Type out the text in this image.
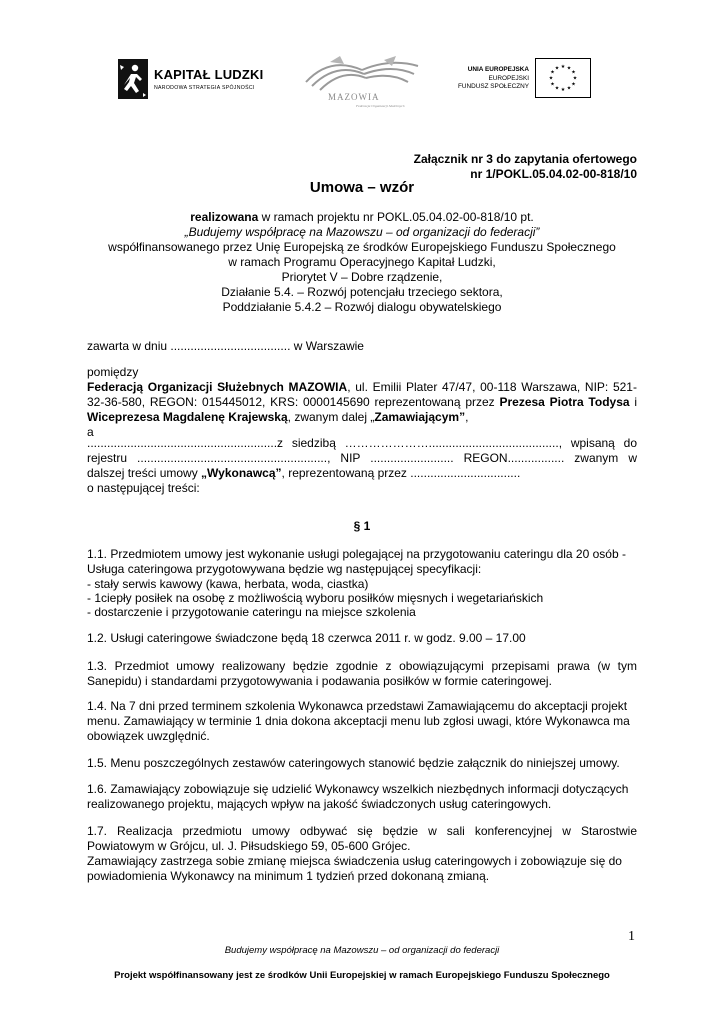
KAPITAŁ LUDZKI
NARODOWA STRATEGIA SPÓJNOŚCI
MAZOWIA
Federacja Organizacji Służebnych
UNIA EUROPEJSKA
EUROPEJSKI
FUNDUSZ SPOŁECZNY
★ ★
★
★
★
★
★
★
★
★
★
★
Załącznik nr 3 do zapytania ofertowego
nr 1/POKL.05.04.02-00-818/10
Umowa – wzór
realizowana w ramach projektu nr POKL.05.04.02-00-818/10 pt.
„Budujemy współpracę na Mazowszu – od organizacji do federacji”
współfinansowanego przez Unię Europejską ze środków Europejskiego Funduszu Społecznego
w ramach Programu Operacyjnego Kapitał Ludzki,
Priorytet V – Dobre rządzenie,
Działanie 5.4. – Rozwój potencjału trzeciego sektora,
Poddziałanie 5.4.2 – Rozwój dialogu obywatelskiego
zawarta w dniu .................................... w Warszawie
pomiędzy
Federacją Organizacji Służebnych MAZOWIA, ul. Emilii Plater 47/47, 00-118 Warszawa, NIP: 521-
32-36-580, REGON: 015445012, KRS: 0000145690 reprezentowaną przez Prezesa Piotra Todysa i
Wiceprezesa Magdalenę Krajewską, zwanym dalej „Zamawiającym”,
a
.........................................................z siedzibą …………………......................................., wpisaną do
rejestru ........................................................., NIP ......................... REGON................. zwanym w
dalszej treści umowy „Wykonawcą”, reprezentowaną przez .................................
o następującej treści:
§ 1
1.1. Przedmiotem umowy jest wykonanie usługi polegającej na przygotowaniu cateringu dla 20 osób -
Usługa cateringowa przygotowywana będzie wg następującej specyfikacji:
- stały serwis kawowy (kawa, herbata, woda, ciastka)
- 1ciepły posiłek na osobę z możliwością wyboru posiłków mięsnych i wegetariańskich
- dostarczenie i przygotowanie cateringu na miejsce szkolenia
1.2. Usługi cateringowe świadczone będą 18 czerwca 2011 r. w godz. 9.00 – 17.00
1.3. Przedmiot umowy realizowany będzie zgodnie z obowiązującymi przepisami prawa (w tym
Sanepidu) i standardami przygotowywania i podawania posiłków w formie cateringowej.
1.4. Na 7 dni przed terminem szkolenia Wykonawca przedstawi Zamawiającemu do akceptacji projekt
menu. Zamawiający w terminie 1 dnia dokona akceptacji menu lub zgłosi uwagi, które Wykonawca ma
obowiązek uwzględnić.
1.5. Menu poszczególnych zestawów cateringowych stanowić będzie załącznik do niniejszej umowy.
1.6. Zamawiający zobowiązuje się udzielić Wykonawcy wszelkich niezbędnych informacji dotyczących
realizowanego projektu, mających wpływ na jakość świadczonych usług cateringowych.
1.7. Realizacja przedmiotu umowy odbywać się będzie w sali konferencyjnej w Starostwie
Powiatowym w Grójcu, ul. J. Piłsudskiego 59, 05-600 Grójec.
Zamawiający zastrzega sobie zmianę miejsca świadczenia usług cateringowych i zobowiązuje się do
powiadomienia Wykonawcy na minimum 1 tydzień przed dokonaną zmianą.
1
Budujemy współpracę na Mazowszu – od organizacji do federacji
Projekt współfinansowany jest ze środków Unii Europejskiej w ramach Europejskiego Funduszu Społecznego
